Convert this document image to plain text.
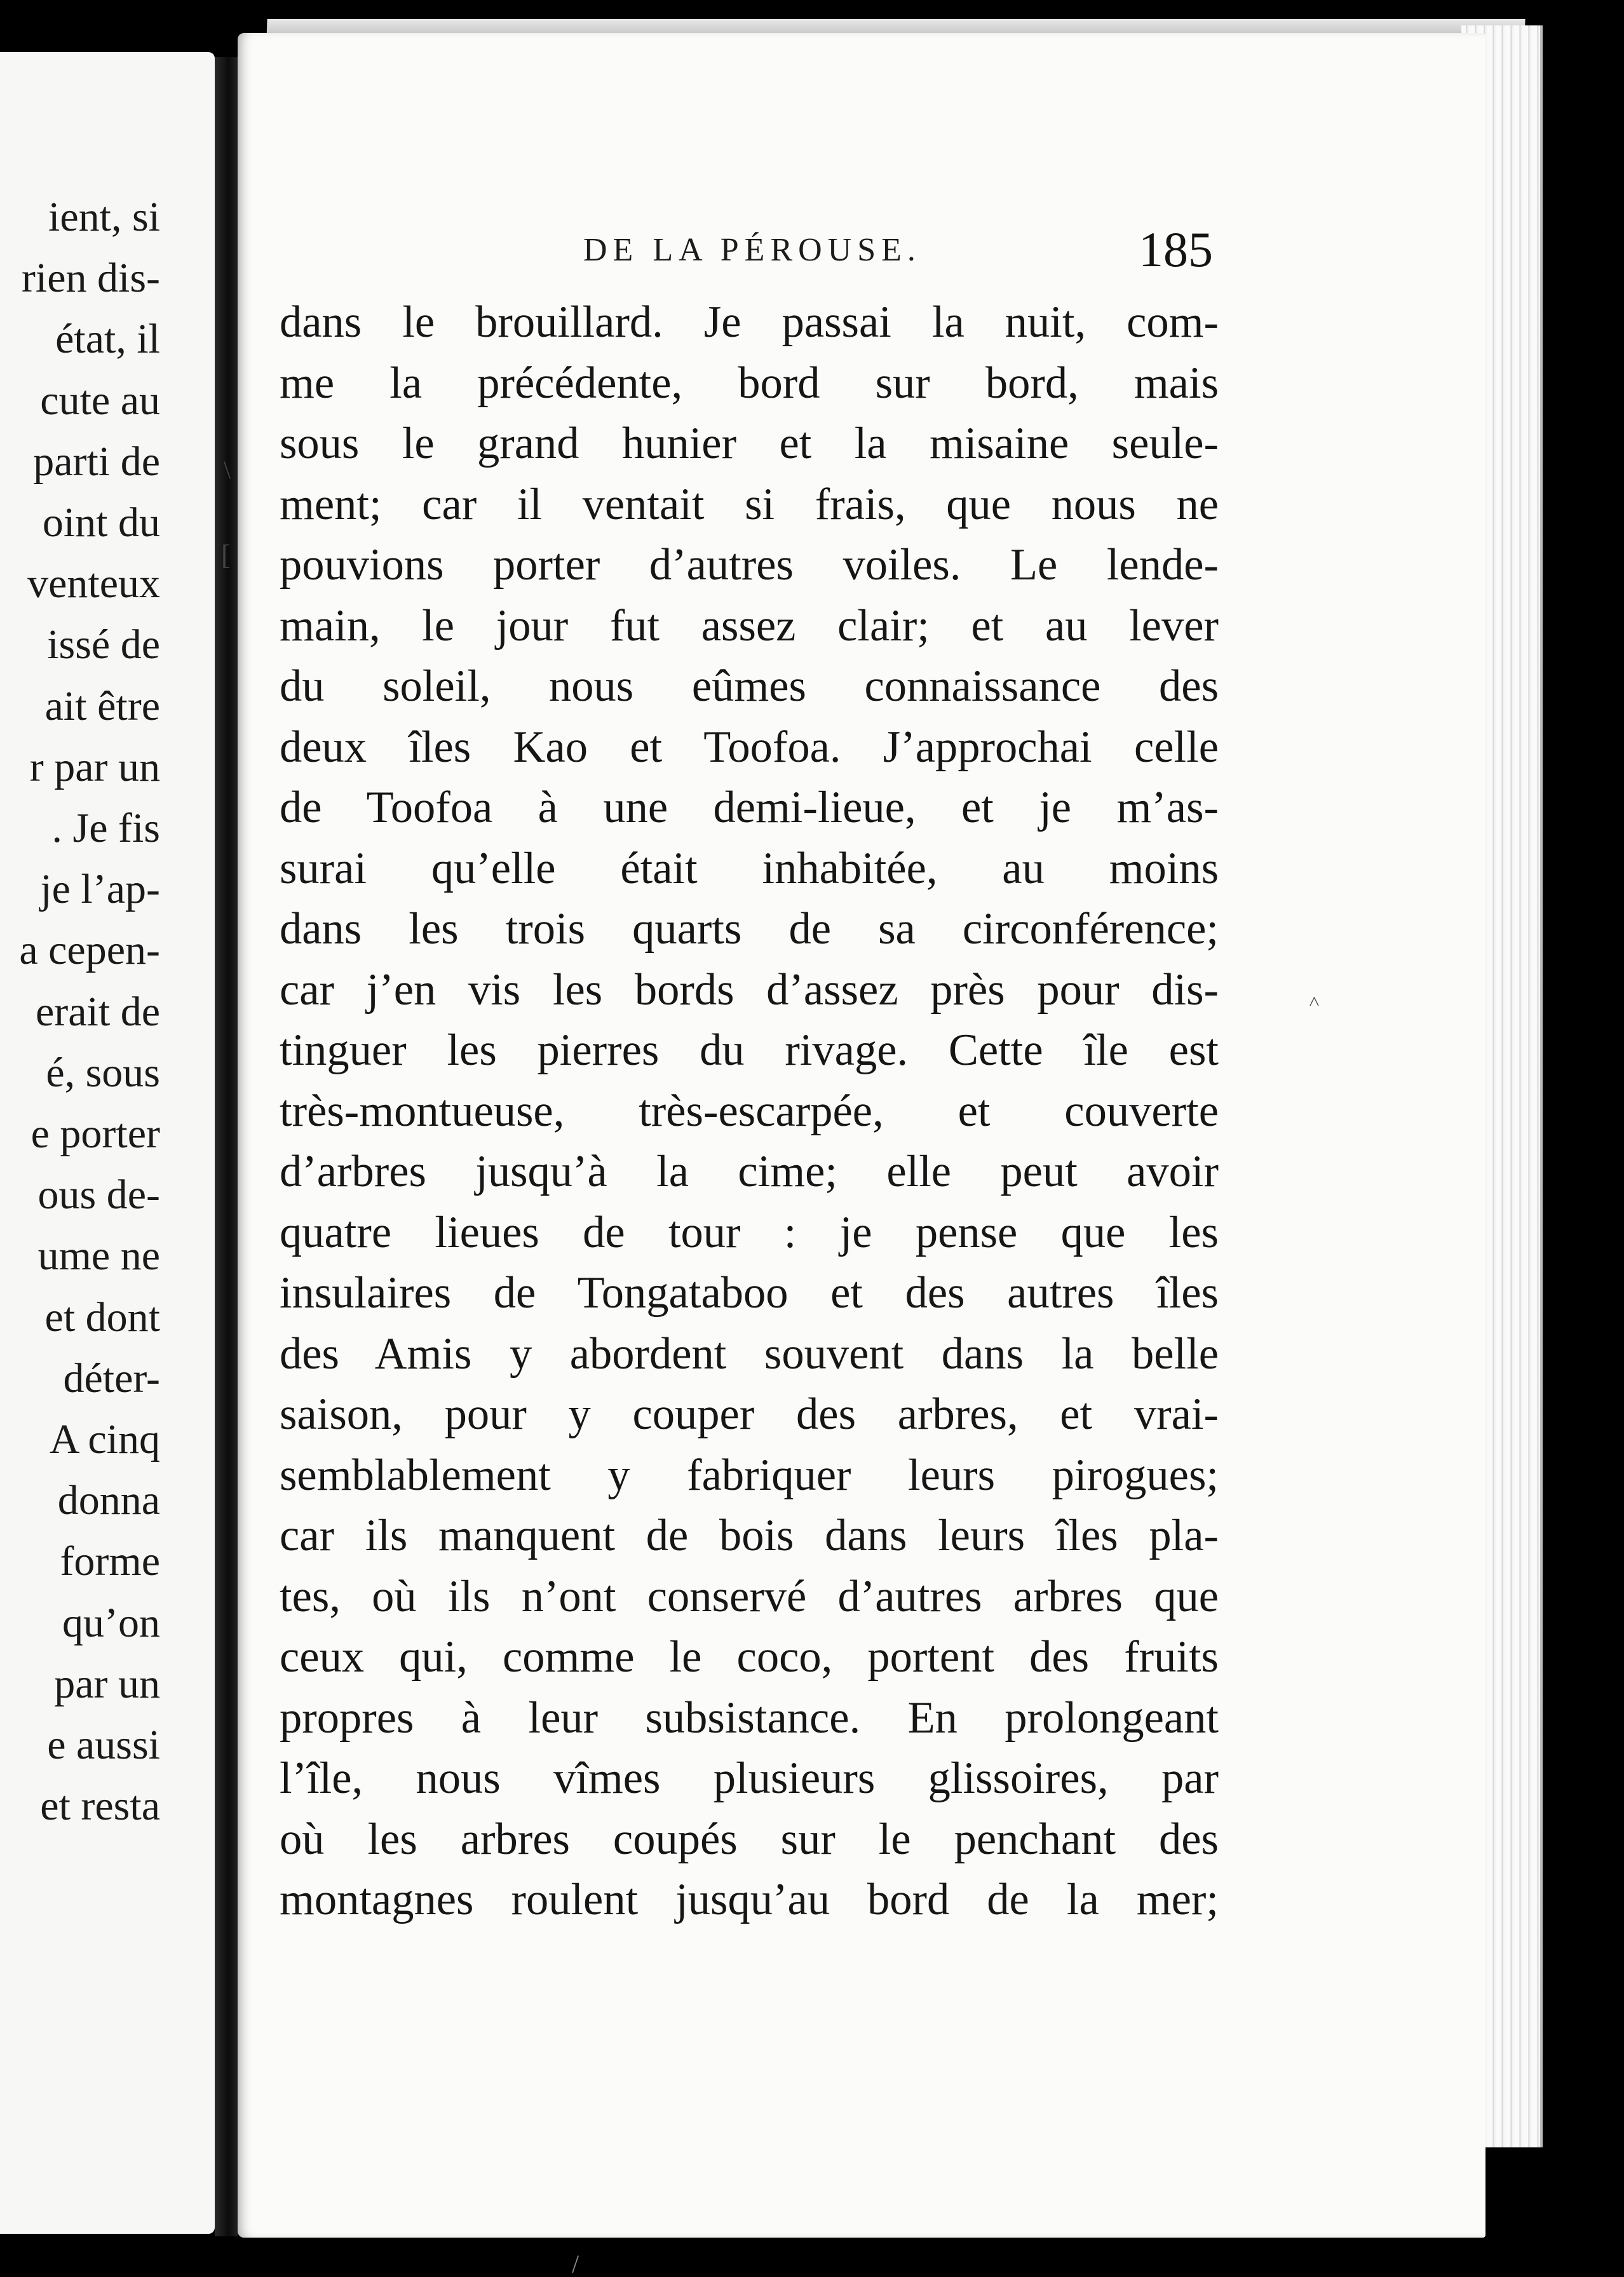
ient, si
rien dis-
état, il
cute au
parti de
oint du
venteux
issé de
ait être
r par un
. Je fis
je l’ap-
a cepen-
erait de
é, sous
e porter
ous de-
ume ne
et dont
déter-
A cinq
donna
forme
qu’on
par un
e aussi
et resta
DE LA PÉROUSE.	185
dans le brouillard. Je passai la nuit, com-
me la précédente, bord sur bord, mais
sous le grand hunier et la misaine seule-
ment; car il ventait si frais, que nous ne
pouvions porter d’autres voiles. Le lende-
main, le jour fut assez clair; et au lever
du soleil, nous eûmes connaissance des
deux îles Kao et Toofoa. J’approchai celle
de Toofoa à une demi-lieue, et je m’as-
surai qu’elle était inhabitée, au moins
dans les trois quarts de sa circonférence;
car j’en vis les bords d’assez près pour dis-
tinguer les pierres du rivage. Cette île est
très-montueuse, très-escarpée, et couverte
d’arbres jusqu’à la cime; elle peut avoir
quatre lieues de tour : je pense que les
insulaires de Tongataboo et des autres îles
des Amis y abordent souvent dans la belle
saison, pour y couper des arbres, et vrai-
semblablement y fabriquer leurs pirogues;
car ils manquent de bois dans leurs îles pla-
tes, où ils n’ont conservé d’autres arbres que
ceux qui, comme le coco, portent des fruits
propres à leur subsistance. En prolongeant
l’île, nous vîmes plusieurs glissoires, par
où les arbres coupés sur le penchant des
montagnes roulent jusqu’au bord de la mer;
\
[
˄
/
